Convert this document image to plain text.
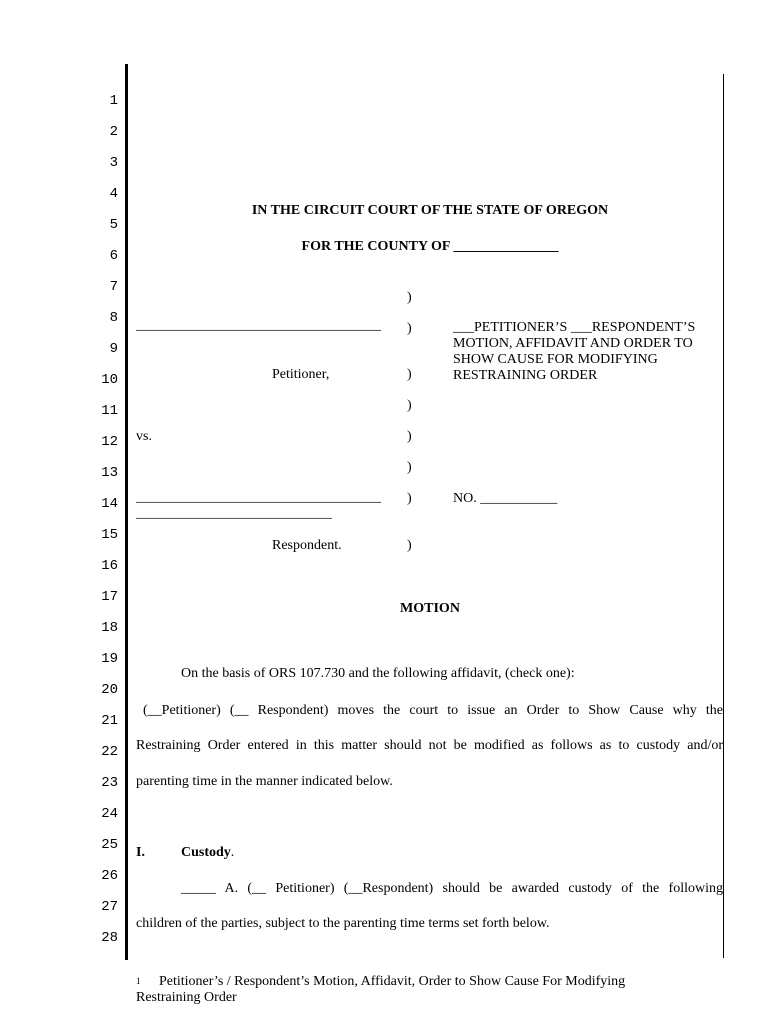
1
2
3
4
5
6
7
8
9
10
11
12
13
14
15
16
17
18
19
20
21
22
23
24
25
26
27
28
IN THE CIRCUIT COURT OF THE STATE OF OREGON
FOR THE COUNTY OF _______________
___________________________________
Petitioner,
vs.
___________________________________
____________________________
Respondent.
)
)
)
)
)
)
)
)
___PETITIONER’S ___RESPONDENT’S
MOTION, AFFIDAVIT AND ORDER TO
SHOW CAUSE FOR MODIFYING
RESTRAINING ORDER
NO. ___________
MOTION
On the basis of ORS 107.730 and the following affidavit, (check one):
(__Petitioner) (__ Respondent) moves the court to issue an Order to Show Cause why the
Restraining Order entered in this matter should not be modified as follows as to custody and/or
parenting time in the manner indicated below.
I.	Custody.
_____ A. (__ Petitioner) (__Respondent) should be awarded custody of the following
children of the parties, subject to the parenting time terms set forth below.
1 Petitioner’s / Respondent’s Motion, Affidavit, Order to Show Cause For Modifying
Restraining Order
